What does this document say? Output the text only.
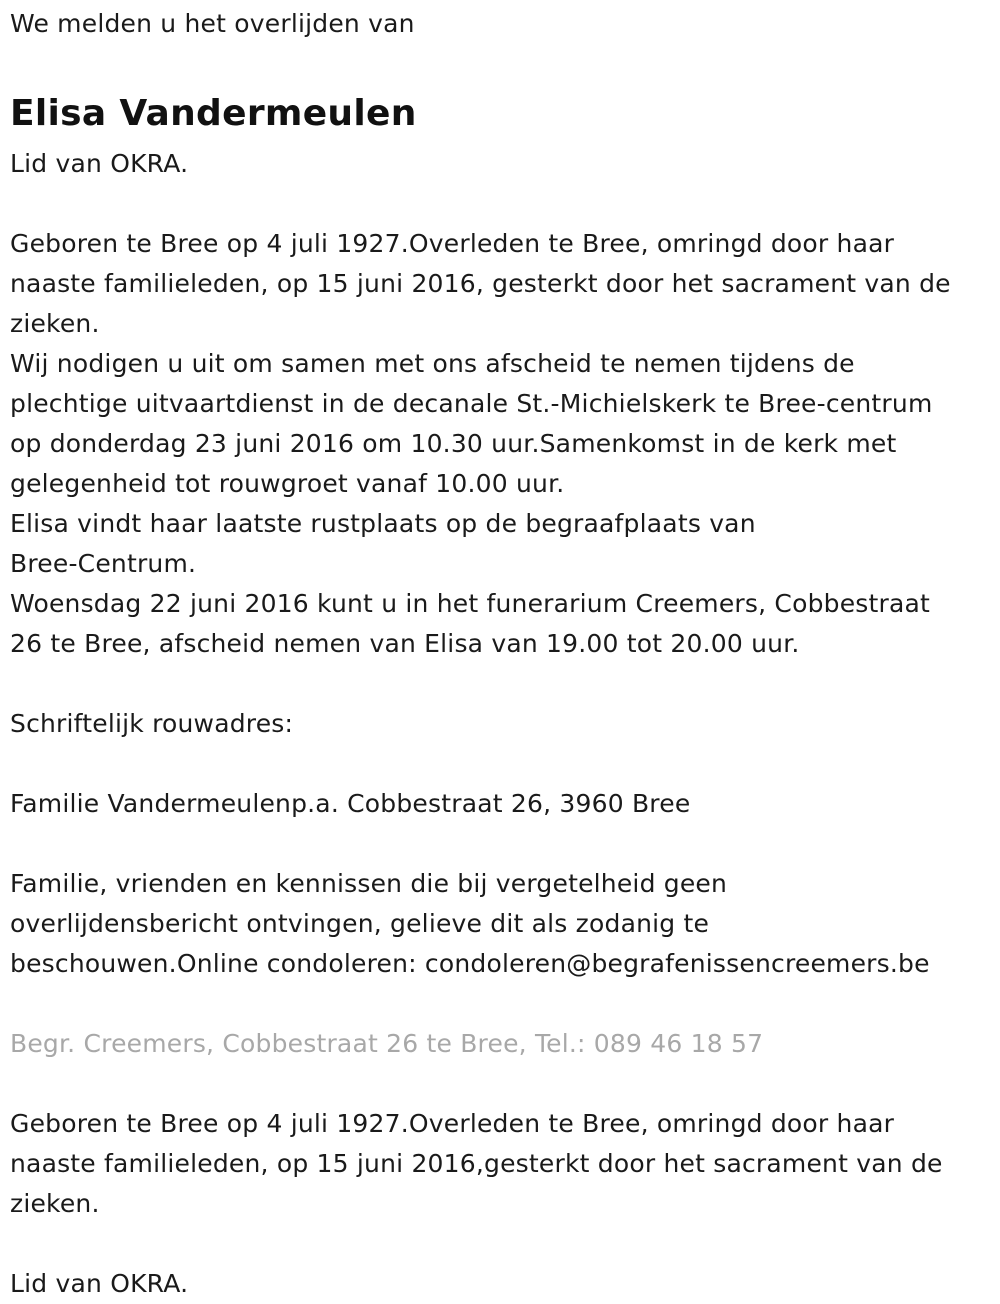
We melden u het overlijden van

Elisa Vandermeulen

Lid van OKRA.

Geboren te Bree op 4 juli 1927.Overleden te Bree, omringd door haar

naaste familieleden, op 15 juni 2016, gesterkt door het sacrament van de

zieken.

Wij nodigen u uit om samen met ons afscheid te nemen tijdens de

plechtige uitvaartdienst in de decanale St.-Michielskerk te Bree-centrum

op donderdag 23 juni 2016 om 10.30 uur.Samenkomst in de kerk met

gelegenheid tot rouwgroet vanaf 10.00 uur.

Elisa vindt haar laatste rustplaats op de begraafplaats van

Bree-Centrum.

Woensdag 22 juni 2016 kunt u in het funerarium Creemers, Cobbestraat

26 te Bree, afscheid nemen van Elisa van 19.00 tot 20.00 uur.

Schriftelijk rouwadres:

Familie Vandermeulenp.a. Cobbestraat 26, 3960 Bree

Familie, vrienden en kennissen die bij vergetelheid geen

overlijdensbericht ontvingen, gelieve dit als zodanig te

beschouwen.Online condoleren: condoleren@begrafenissencreemers.be

Begr. Creemers, Cobbestraat 26 te Bree, Tel.: 089 46 18 57

Geboren te Bree op 4 juli 1927.Overleden te Bree, omringd door haar

naaste familieleden, op 15 juni 2016,gesterkt door het sacrament van de

zieken.

Lid van OKRA.
